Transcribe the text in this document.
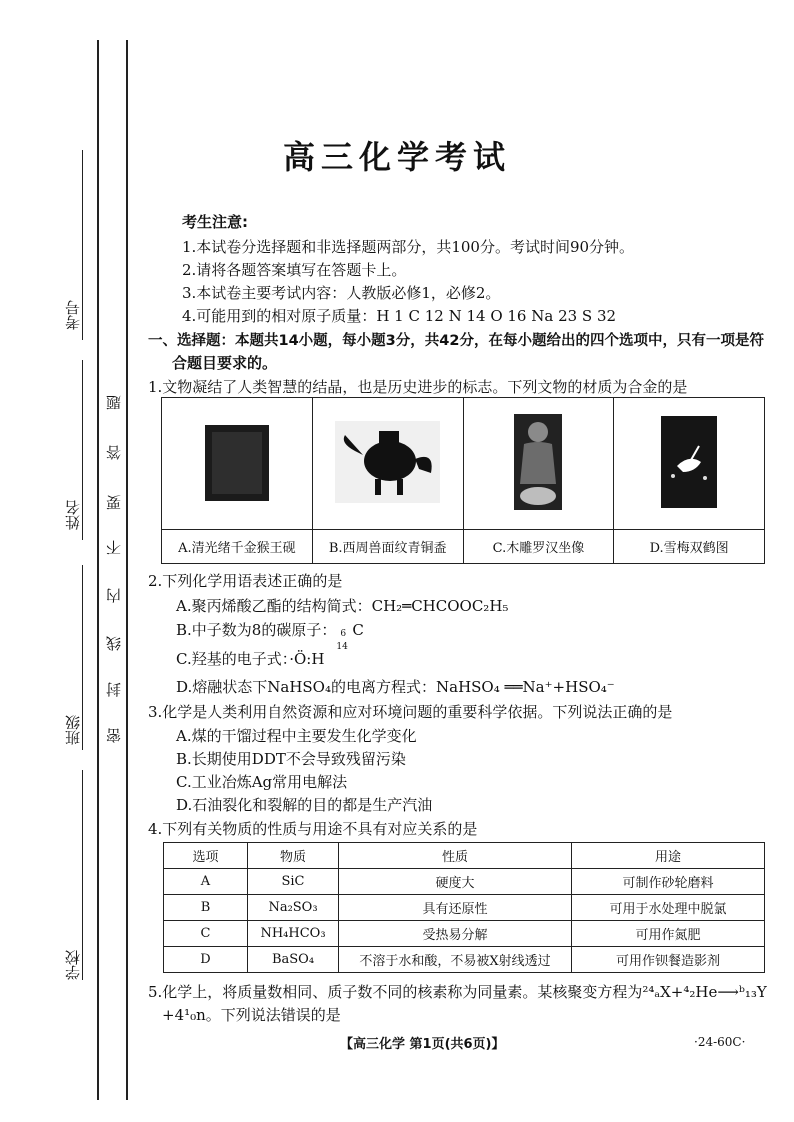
考号
姓名
班级
学校
题
答
要
不
内
线
封
密
高三化学考试
考生注意:
1.本试卷分选择题和非选择题两部分，共100分。考试时间90分钟。
2.请将各题答案填写在答题卡上。
3.本试卷主要考试内容：人教版必修1，必修2。
4.可能用到的相对原子质量：H 1 C 12 N 14 O 16 Na 23 S 32
一、选择题：本题共14小题，每小题3分，共42分，在每小题给出的四个选项中，只有一项是符
合题目要求的。
1.文物凝结了人类智慧的结晶，也是历史进步的标志。下列文物的材质为合金的是

A.清光绪千金猴王砚	B.西周兽面纹青铜盉	C.木雕罗汉坐像	D.雪梅双鹤图
2.下列化学用语表述正确的是
A.聚丙烯酸乙酯的结构简式：CH₂═CHCOOC₂H₅
B.中子数为8的碳原子： 6
14
C
C.羟基的电子式：·Ö:H
D.熔融状态下NaHSO₄的电离方程式：NaHSO₄ ══Na⁺+HSO₄⁻
3.化学是人类利用自然资源和应对环境问题的重要科学依据。下列说法正确的是
A.煤的干馏过程中主要发生化学变化
B.长期使用DDT不会导致残留污染
C.工业冶炼Ag常用电解法
D.石油裂化和裂解的目的都是生产汽油
4.下列有关物质的性质与用途不具有对应关系的是
选项	物质	性质	用途
A	SiC	硬度大	可制作砂轮磨料
B	Na₂SO₃	具有还原性	可用于水处理中脱氯
C	NH₄HCO₃	受热易分解	可用作氮肥
D	BaSO₄	不溶于水和酸，不易被X射线透过	可用作钡餐造影剂
5.化学上，将质量数相同、质子数不同的核素称为同量素。某核聚变方程为²⁴ₐX+⁴₂He⟶ᵇ₁₃Y
+4¹₀n。下列说法错误的是
【高三化学 第1页(共6页)】	·24-60C·
